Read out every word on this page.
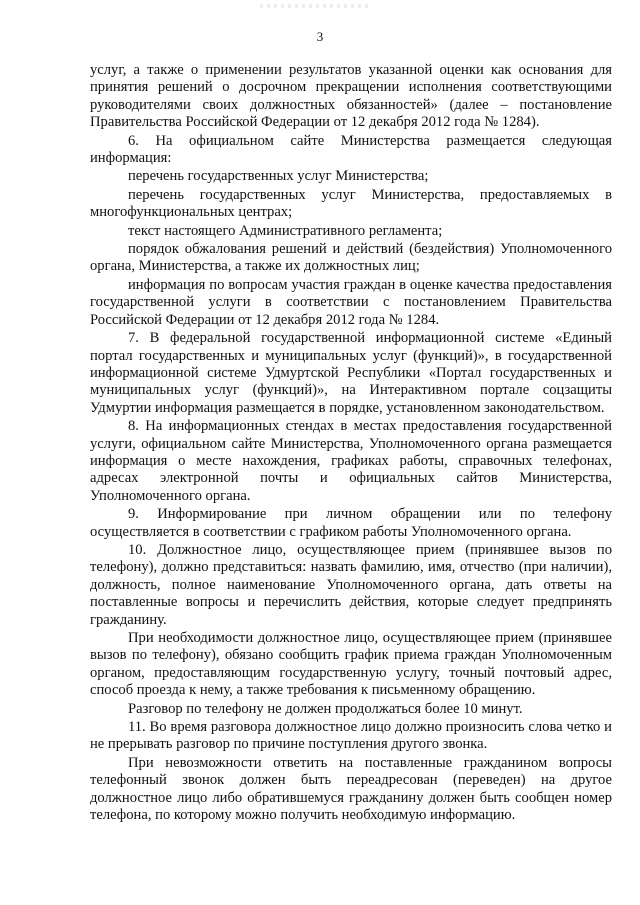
3

услуг, а также о применении результатов указанной оценки как основания для принятия решений о досрочном прекращении исполнения соответствующими руководителями своих должностных обязанностей» (далее – постановление Правительства Российской Федерации от 12 декабря 2012 года № 1284).

6. На официальном сайте Министерства размещается следующая информация:

перечень государственных услуг Министерства;

перечень государственных услуг Министерства, предоставляемых в многофункциональных центрах;

текст настоящего Административного регламента;

порядок обжалования решений и действий (бездействия) Уполномоченного органа, Министерства, а также их должностных лиц;

информация по вопросам участия граждан в оценке качества предоставления государственной услуги в соответствии с постановлением Правительства Российской Федерации от 12 декабря 2012 года № 1284.

7. В федеральной государственной информационной системе «Единый портал государственных и муниципальных услуг (функций)», в государственной информационной системе Удмуртской Республики «Портал государственных и муниципальных услуг (функций)», на Интерактивном портале соцзащиты Удмуртии информация размещается в порядке, установленном законодательством.

8. На информационных стендах в местах предоставления государственной услуги, официальном сайте Министерства, Уполномоченного органа размещается информация о месте нахождения, графиках работы, справочных телефонах, адресах электронной почты и официальных сайтов Министерства, Уполномоченного органа.

9. Информирование при личном обращении или по телефону осуществляется в соответствии с графиком работы Уполномоченного органа.

10. Должностное лицо, осуществляющее прием (принявшее вызов по телефону), должно представиться: назвать фамилию, имя, отчество (при наличии), должность, полное наименование Уполномоченного органа, дать ответы на поставленные вопросы и перечислить действия, которые следует предпринять гражданину.

При необходимости должностное лицо, осуществляющее прием (принявшее вызов по телефону), обязано сообщить график приема граждан Уполномоченным органом, предоставляющим государственную услугу, точный почтовый адрес, способ проезда к нему, а также требования к письменному обращению.

Разговор по телефону не должен продолжаться более 10 минут.

11. Во время разговора должностное лицо должно произносить слова четко и не прерывать разговор по причине поступления другого звонка.

При невозможности ответить на поставленные гражданином вопросы телефонный звонок должен быть переадресован (переведен) на другое должностное лицо либо обратившемуся гражданину должен быть сообщен номер телефона, по которому можно получить необходимую информацию.
